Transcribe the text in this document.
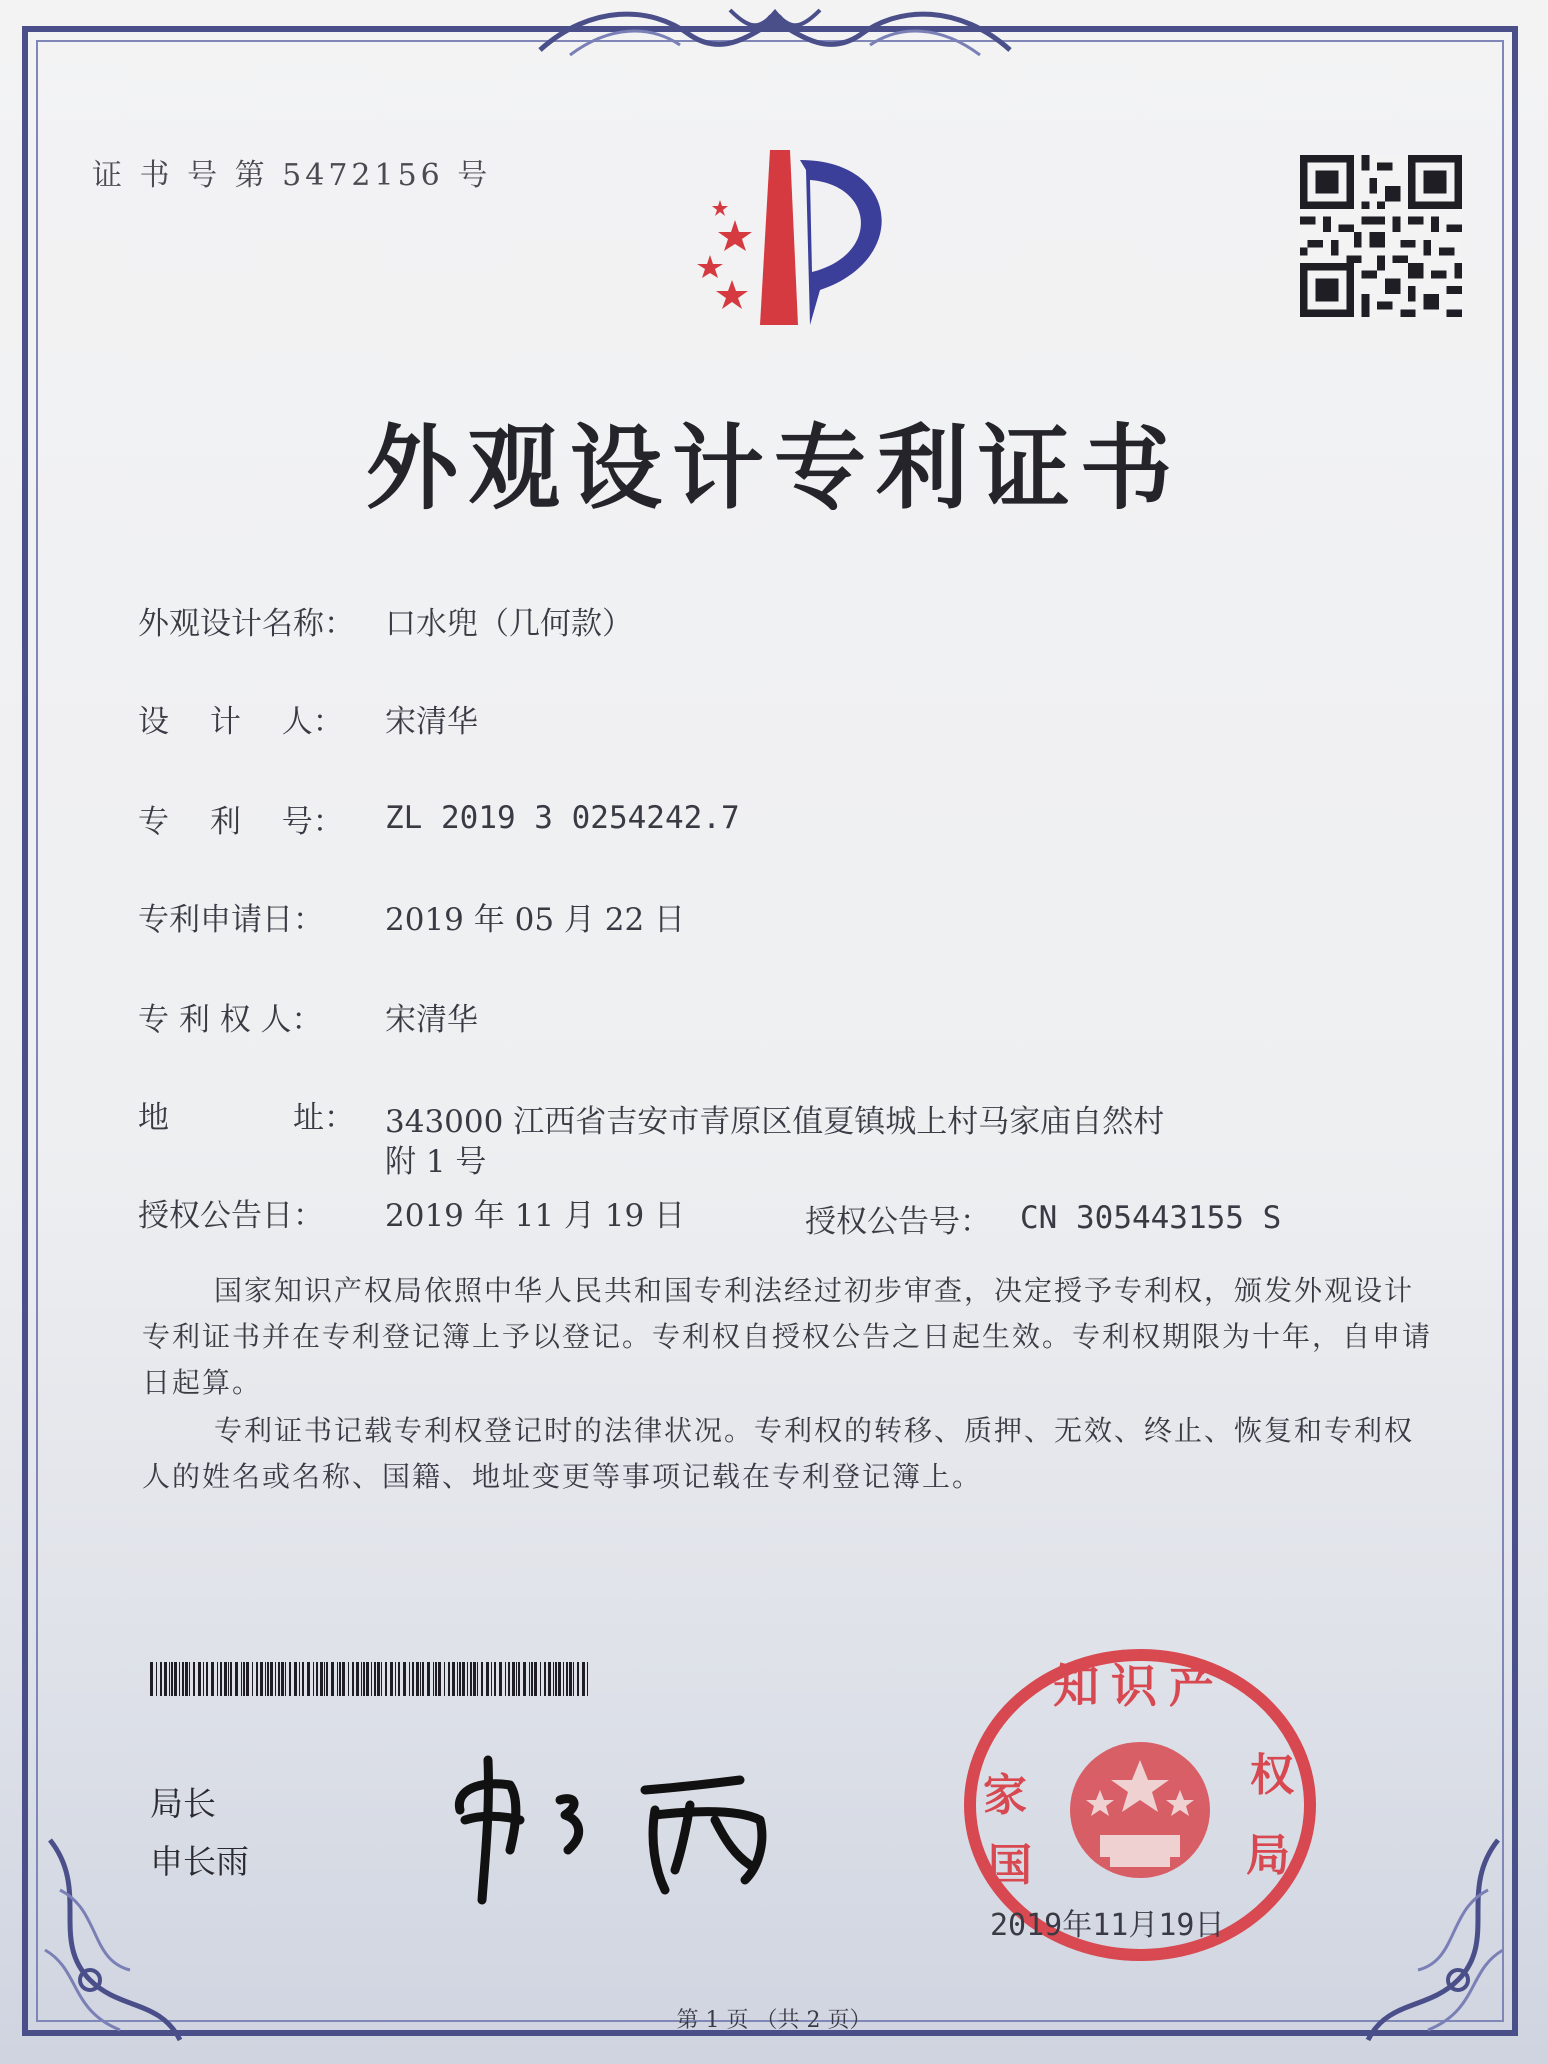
证 书 号 第 5472156 号
外观设计专利证书
外观设计名称： 口水兜（几何款）
设　 计 　人： 宋清华
专　 利 　号： ZL 2019 3 0254242.7
专利申请日： 2019 年 05 月 22 日
专 利 权 人： 宋清华
地　　　　址： 343000 江西省吉安市青原区值夏镇城上村马家庙自然村
附 1 号
授权公告日： 2019 年 11 月 19 日	授权公告号： CN 305443155 S
国家知识产权局依照中华人民共和国专利法经过初步审查，决定授予专利权，颁发外观设计专利证书并在专利登记簿上予以登记。专利权自授权公告之日起生效。专利权期限为十年，自申请日起算。
专利证书记载专利权登记时的法律状况。专利权的转移、质押、无效、终止、恢复和专利权人的姓名或名称、国籍、地址变更等事项记载在专利登记簿上。
局长
申长雨
知识产
家
国
权
局
2019年11月19日
第 1 页 （共 2 页）
